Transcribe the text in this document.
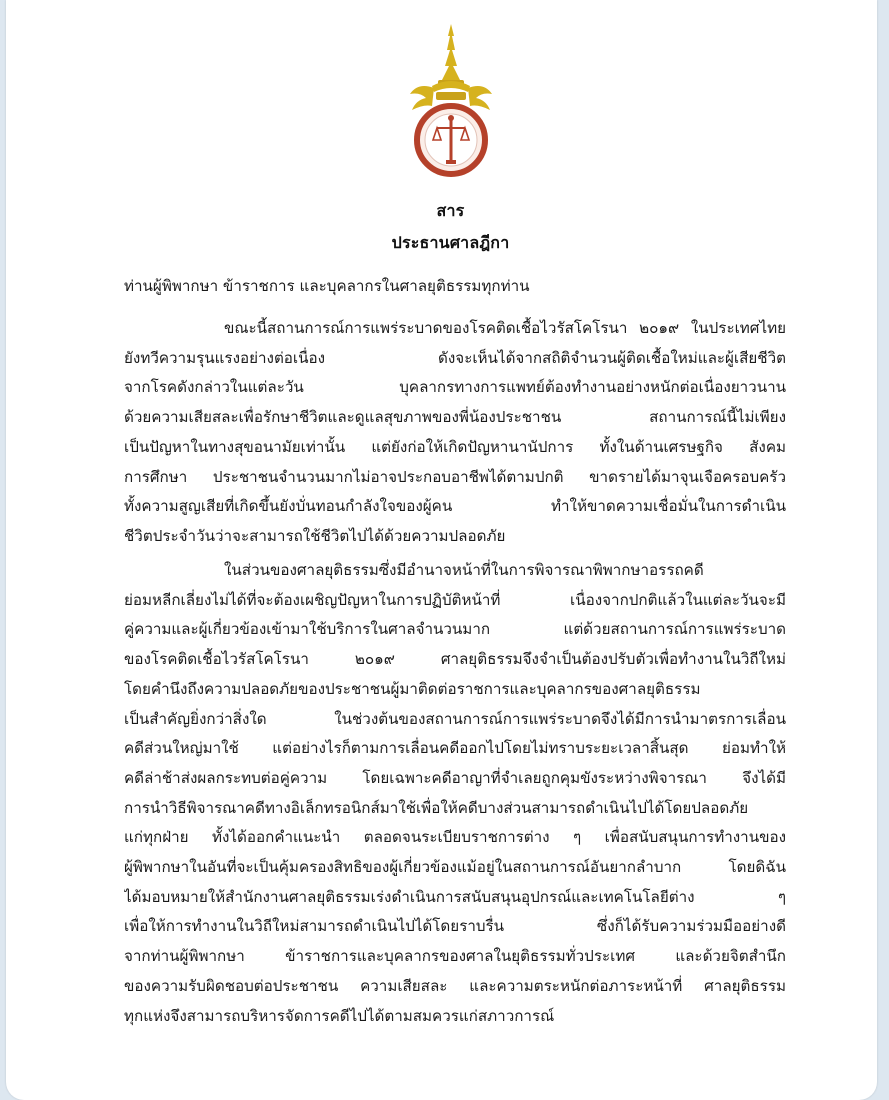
สาร
ประธานศาลฎีกา
ท่านผู้พิพากษา ข้าราชการ และบุคลากรในศาลยุติธรรมทุกท่าน

ขณะนี้สถานการณ์การแพร่ระบาดของโรคติดเชื้อไวรัสโคโรนา ๒๐๑๙ ในประเทศไทย
ยังทวีความรุนแรงอย่างต่อเนื่อง ดังจะเห็นได้จากสถิติจำนวนผู้ติดเชื้อใหม่และผู้เสียชีวิต
จากโรคดังกล่าวในแต่ละวัน บุคลากรทางการแพทย์ต้องทำงานอย่างหนักต่อเนื่องยาวนาน
ด้วยความเสียสละเพื่อรักษาชีวิตและดูแลสุขภาพของพี่น้องประชาชน สถานการณ์นี้ไม่เพียง
เป็นปัญหาในทางสุขอนามัยเท่านั้น แต่ยังก่อให้เกิดปัญหานานัปการ ทั้งในด้านเศรษฐกิจ สังคม
การศึกษา ประชาชนจำนวนมากไม่อาจประกอบอาชีพได้ตามปกติ ขาดรายได้มาจุนเจือครอบครัว
ทั้งความสูญเสียที่เกิดขึ้นยังบั่นทอนกำลังใจของผู้คน ทำให้ขาดความเชื่อมั่นในการดำเนิน
ชีวิตประจำวันว่าจะสามารถใช้ชีวิตไปได้ด้วยความปลอดภัย

ในส่วนของศาลยุติธรรมซึ่งมีอำนาจหน้าที่ในการพิจารณาพิพากษาอรรถคดี
ย่อมหลีกเลี่ยงไม่ได้ที่จะต้องเผชิญปัญหาในการปฏิบัติหน้าที่ เนื่องจากปกติแล้วในแต่ละวันจะมี
คู่ความและผู้เกี่ยวข้องเข้ามาใช้บริการในศาลจำนวนมาก แต่ด้วยสถานการณ์การแพร่ระบาด
ของโรคติดเชื้อไวรัสโคโรนา ๒๐๑๙ ศาลยุติธรรมจึงจำเป็นต้องปรับตัวเพื่อทำงานในวิถีใหม่
โดยคำนึงถึงความปลอดภัยของประชาชนผู้มาติดต่อราชการและบุคลากรของศาลยุติธรรม
เป็นสำคัญยิ่งกว่าสิ่งใด ในช่วงต้นของสถานการณ์การแพร่ระบาดจึงได้มีการนำมาตรการเลื่อน
คดีส่วนใหญ่มาใช้ แต่อย่างไรก็ตามการเลื่อนคดีออกไปโดยไม่ทราบระยะเวลาสิ้นสุด ย่อมทำให้
คดีล่าช้าส่งผลกระทบต่อคู่ความ โดยเฉพาะคดีอาญาที่จำเลยถูกคุมขังระหว่างพิจารณา จึงได้มี
การนำวิธีพิจารณาคดีทางอิเล็กทรอนิกส์มาใช้เพื่อให้คดีบางส่วนสามารถดำเนินไปได้โดยปลอดภัย
แก่ทุกฝ่าย ทั้งได้ออกคำแนะนำ ตลอดจนระเบียบราชการต่าง ๆ เพื่อสนับสนุนการทำงานของ
ผู้พิพากษาในอันที่จะเป็นคุ้มครองสิทธิของผู้เกี่ยวข้องแม้อยู่ในสถานการณ์อันยากลำบาก โดยดิฉัน
ได้มอบหมายให้สำนักงานศาลยุติธรรมเร่งดำเนินการสนับสนุนอุปกรณ์และเทคโนโลยีต่าง ๆ
เพื่อให้การทำงานในวิถีใหม่สามารถดำเนินไปได้โดยราบรื่น ซึ่งก็ได้รับความร่วมมืออย่างดี
จากท่านผู้พิพากษา ข้าราชการและบุคลากรของศาลในยุติธรรมทั่วประเทศ และด้วยจิตสำนึก
ของความรับผิดชอบต่อประชาชน ความเสียสละ และความตระหนักต่อภาระหน้าที่ ศาลยุติธรรม
ทุกแห่งจึงสามารถบริหารจัดการคดีไปได้ตามสมควรแก่สภาวการณ์
